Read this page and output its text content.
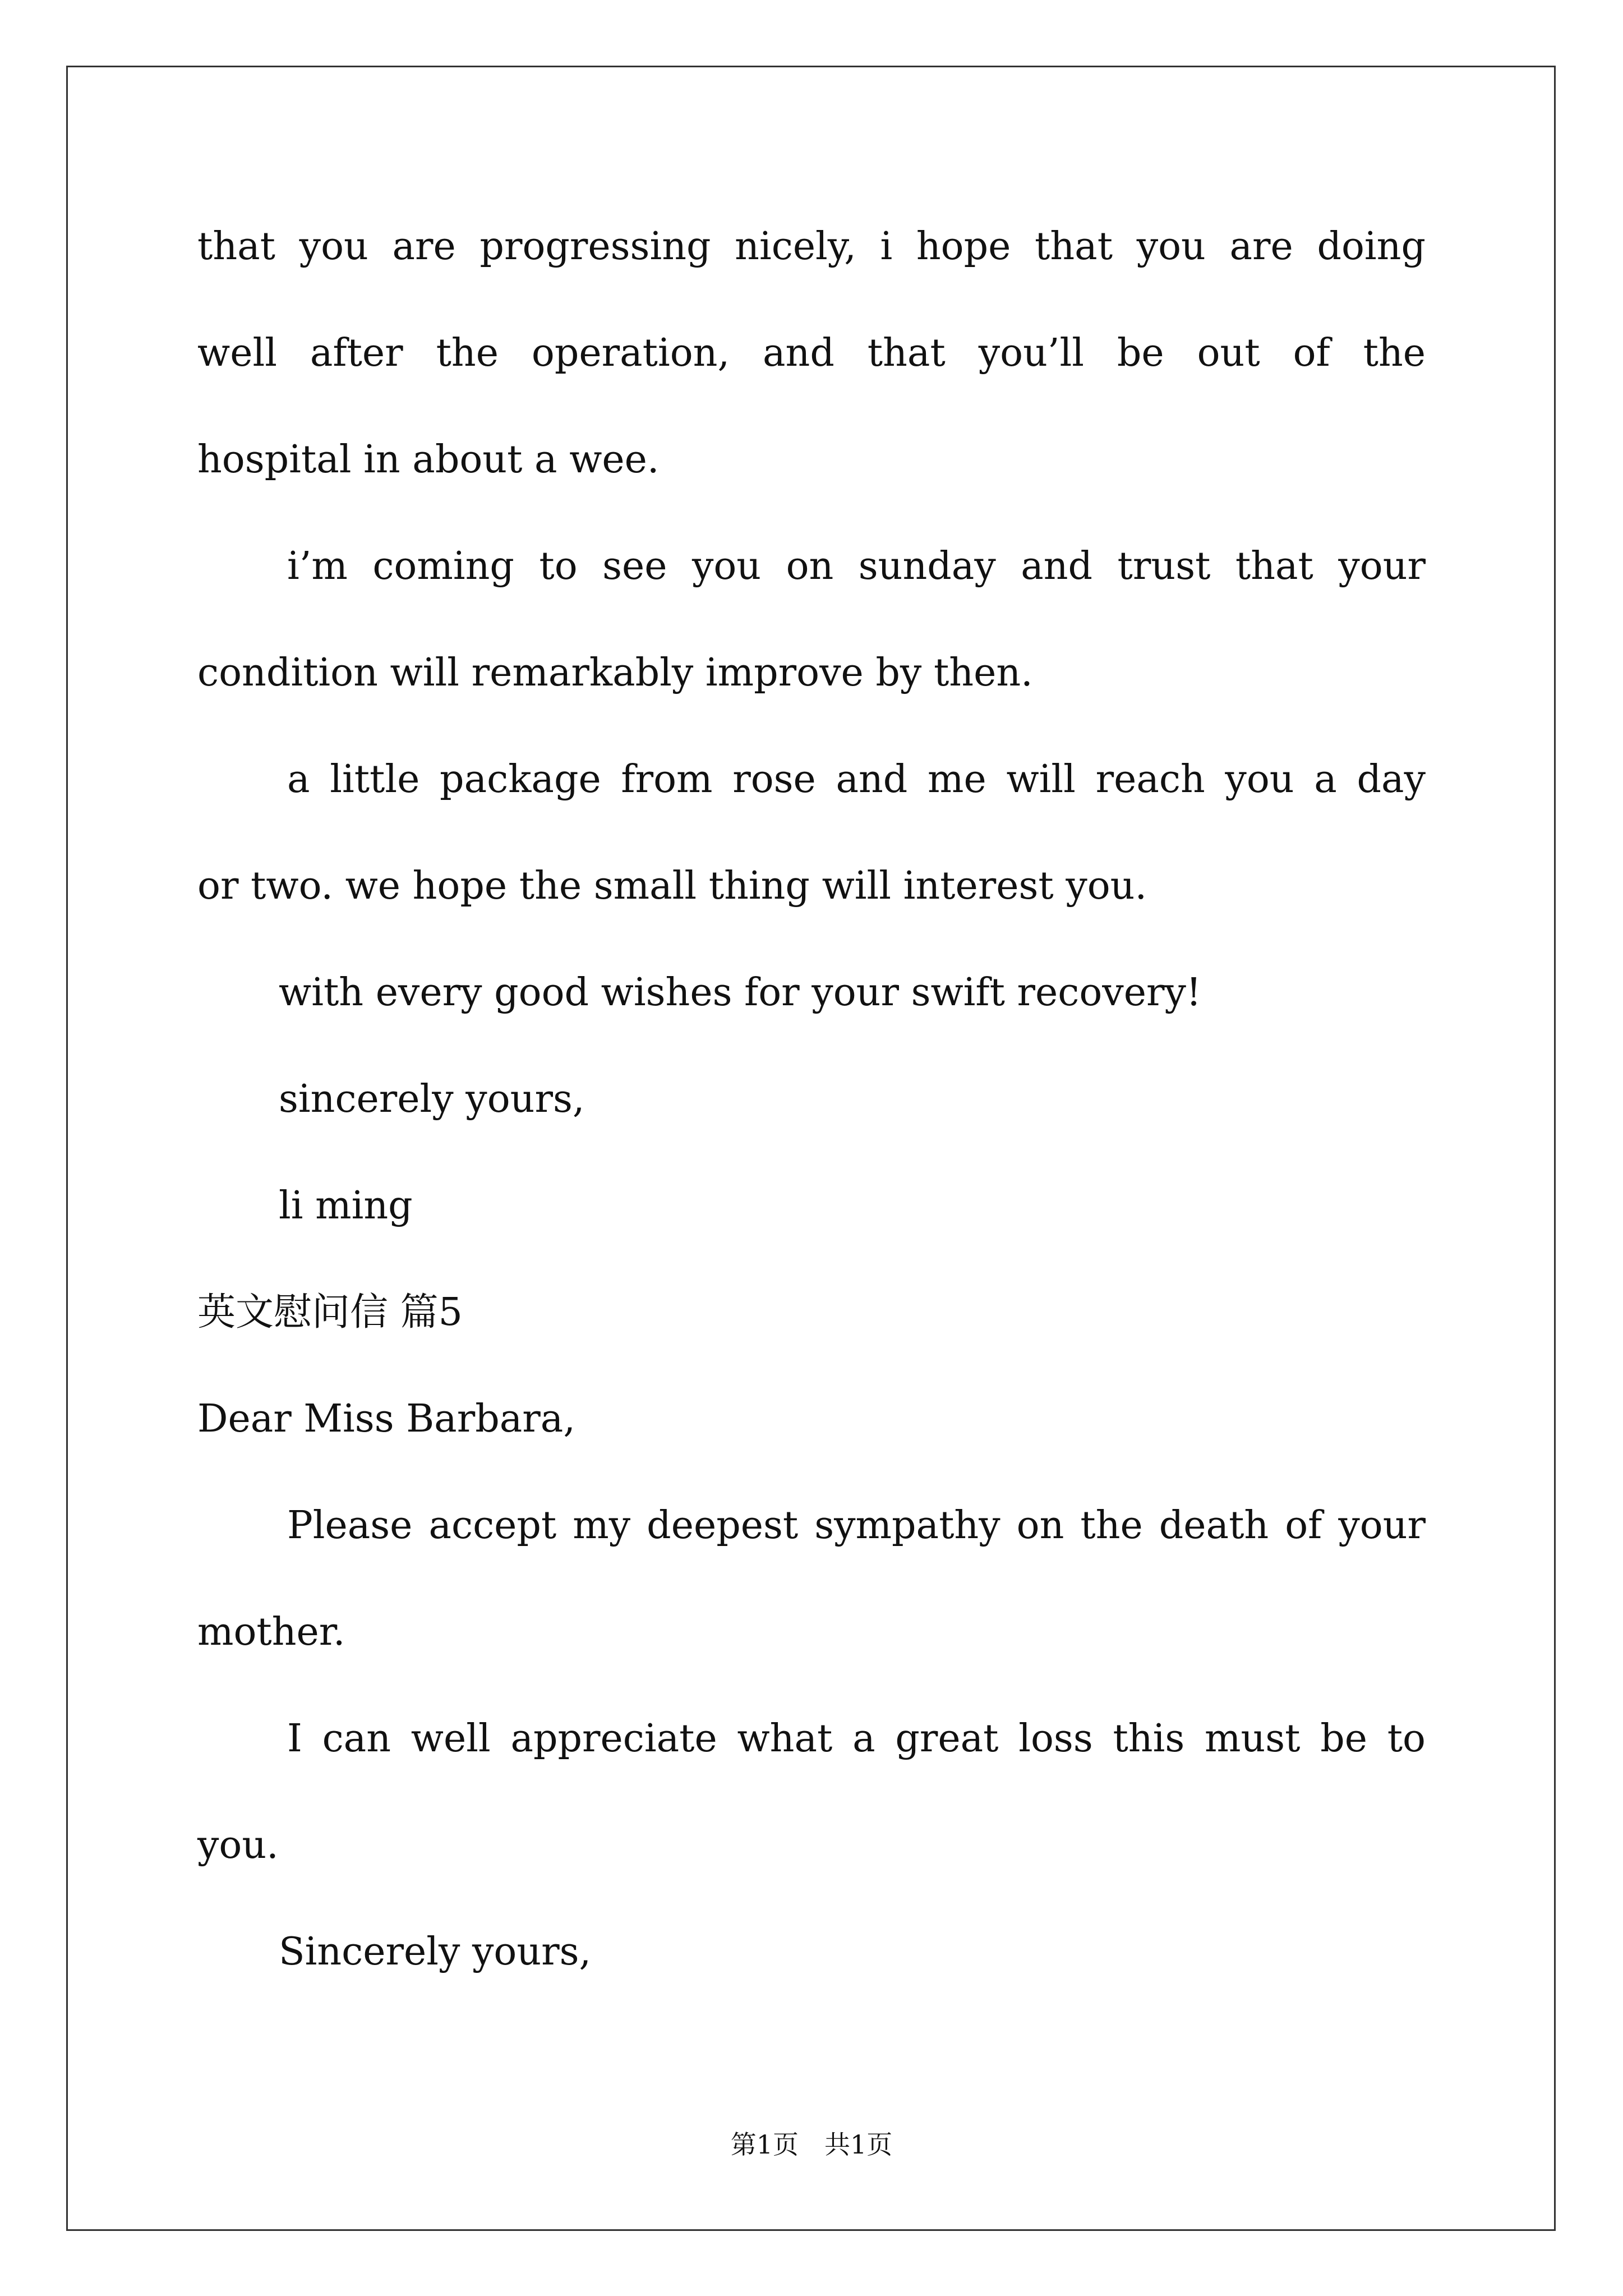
that you are progressing nicely, i hope that you are doing
well after the operation, and that you’ll be out of the
hospital in about a wee.
i’m coming to see you on sunday and trust that your
condition will remarkably improve by then.
a little package from rose and me will reach you a day
or two. we hope the small thing will interest you.
with every good wishes for your swift recovery!
sincerely yours,
li ming
英文慰问信 篇5
Dear Miss Barbara,
Please accept my deepest sympathy on the death of your
mother.
I can well appreciate what a great loss this must be to
you.
Sincerely yours,
第1页　共1页
